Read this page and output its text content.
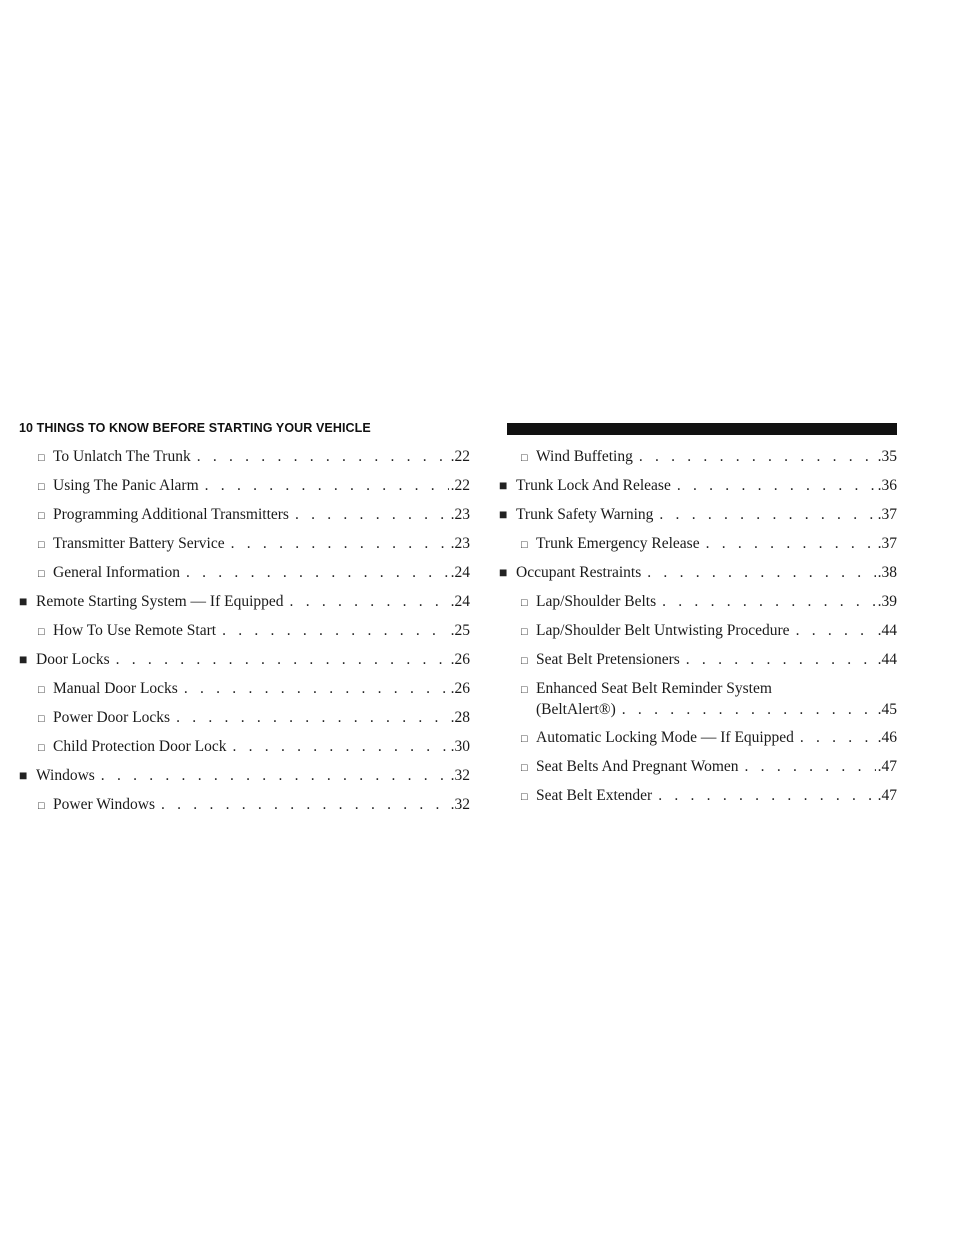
10 THINGS TO KNOW BEFORE STARTING YOUR VEHICLE
□ To Unlatch The Trunk . . .	.22
□ Using The Panic Alarm . . .	.22
□ Programming Additional Transmitters . . .	.23
□ Transmitter Battery Service . . .	.23
□ General Information . . .	.24
■ Remote Starting System — If Equipped . . .	.24
□ How To Use Remote Start . . .	.25
■ Door Locks . . .	.26
□ Manual Door Locks . . .	.26
□ Power Door Locks . . .	.28
□ Child Protection Door Lock . . .	.30
■ Windows . . .	.32
□ Power Windows . . .	.32
□ Wind Buffeting . . .	.35
■ Trunk Lock And Release . . .	.36
■ Trunk Safety Warning . . .	.37
□ Trunk Emergency Release . . .	.37
■ Occupant Restraints . . .	.38
□ Lap/Shoulder Belts . . .	.39
□ Lap/Shoulder Belt Untwisting Procedure . . .	.44
□ Seat Belt Pretensioners . . .	.44
□ Enhanced Seat Belt Reminder System
(BeltAlert®) . . .	.45
□ Automatic Locking Mode — If Equipped . . .	.46
□ Seat Belts And Pregnant Women . . .	.47
□ Seat Belt Extender . . .	.47
